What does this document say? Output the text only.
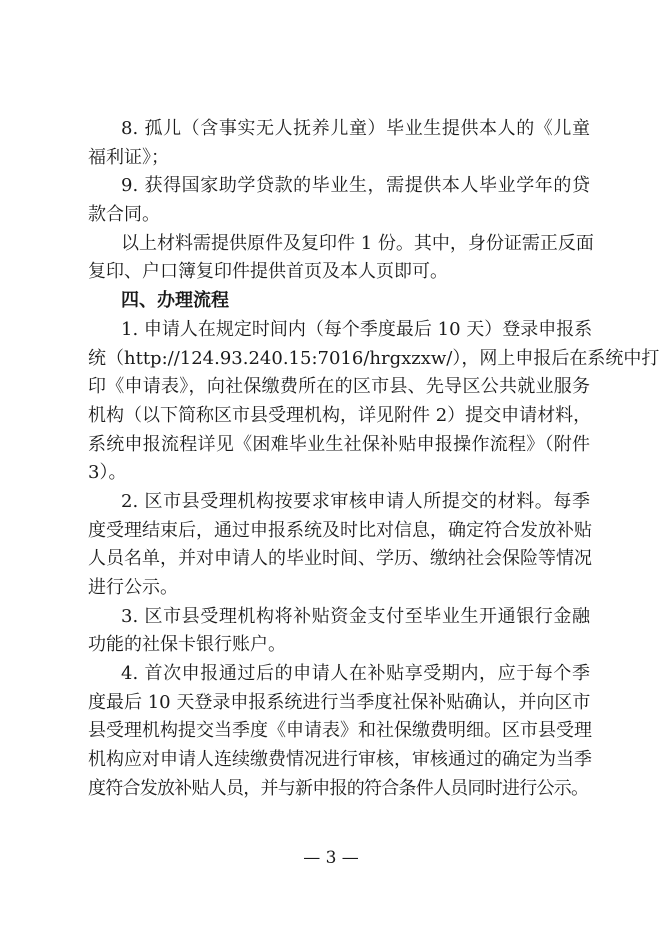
8. 孤儿（含事实无人抚养儿童）毕业生提供本人的《儿童
福利证》；
9. 获得国家助学贷款的毕业生，需提供本人毕业学年的贷
款合同。
以上材料需提供原件及复印件 1 份。其中，身份证需正反面
复印、户口簿复印件提供首页及本人页即可。
四、办理流程
1. 申请人在规定时间内（每个季度最后 10 天）登录申报系
统（http://124.93.240.15:7016/hrgxzxw/），网上申报后在系统中打
印《申请表》，向社保缴费所在的区市县、先导区公共就业服务
机构（以下简称区市县受理机构，详见附件 2）提交申请材料，
系统申报流程详见《困难毕业生社保补贴申报操作流程》（附件
3）。
2. 区市县受理机构按要求审核申请人所提交的材料。每季
度受理结束后，通过申报系统及时比对信息，确定符合发放补贴
人员名单，并对申请人的毕业时间、学历、缴纳社会保险等情况
进行公示。
3. 区市县受理机构将补贴资金支付至毕业生开通银行金融
功能的社保卡银行账户。
4. 首次申报通过后的申请人在补贴享受期内，应于每个季
度最后 10 天登录申报系统进行当季度社保补贴确认，并向区市
县受理机构提交当季度《申请表》和社保缴费明细。区市县受理
机构应对申请人连续缴费情况进行审核，审核通过的确定为当季
度符合发放补贴人员，并与新申报的符合条件人员同时进行公示。
— 3 —
